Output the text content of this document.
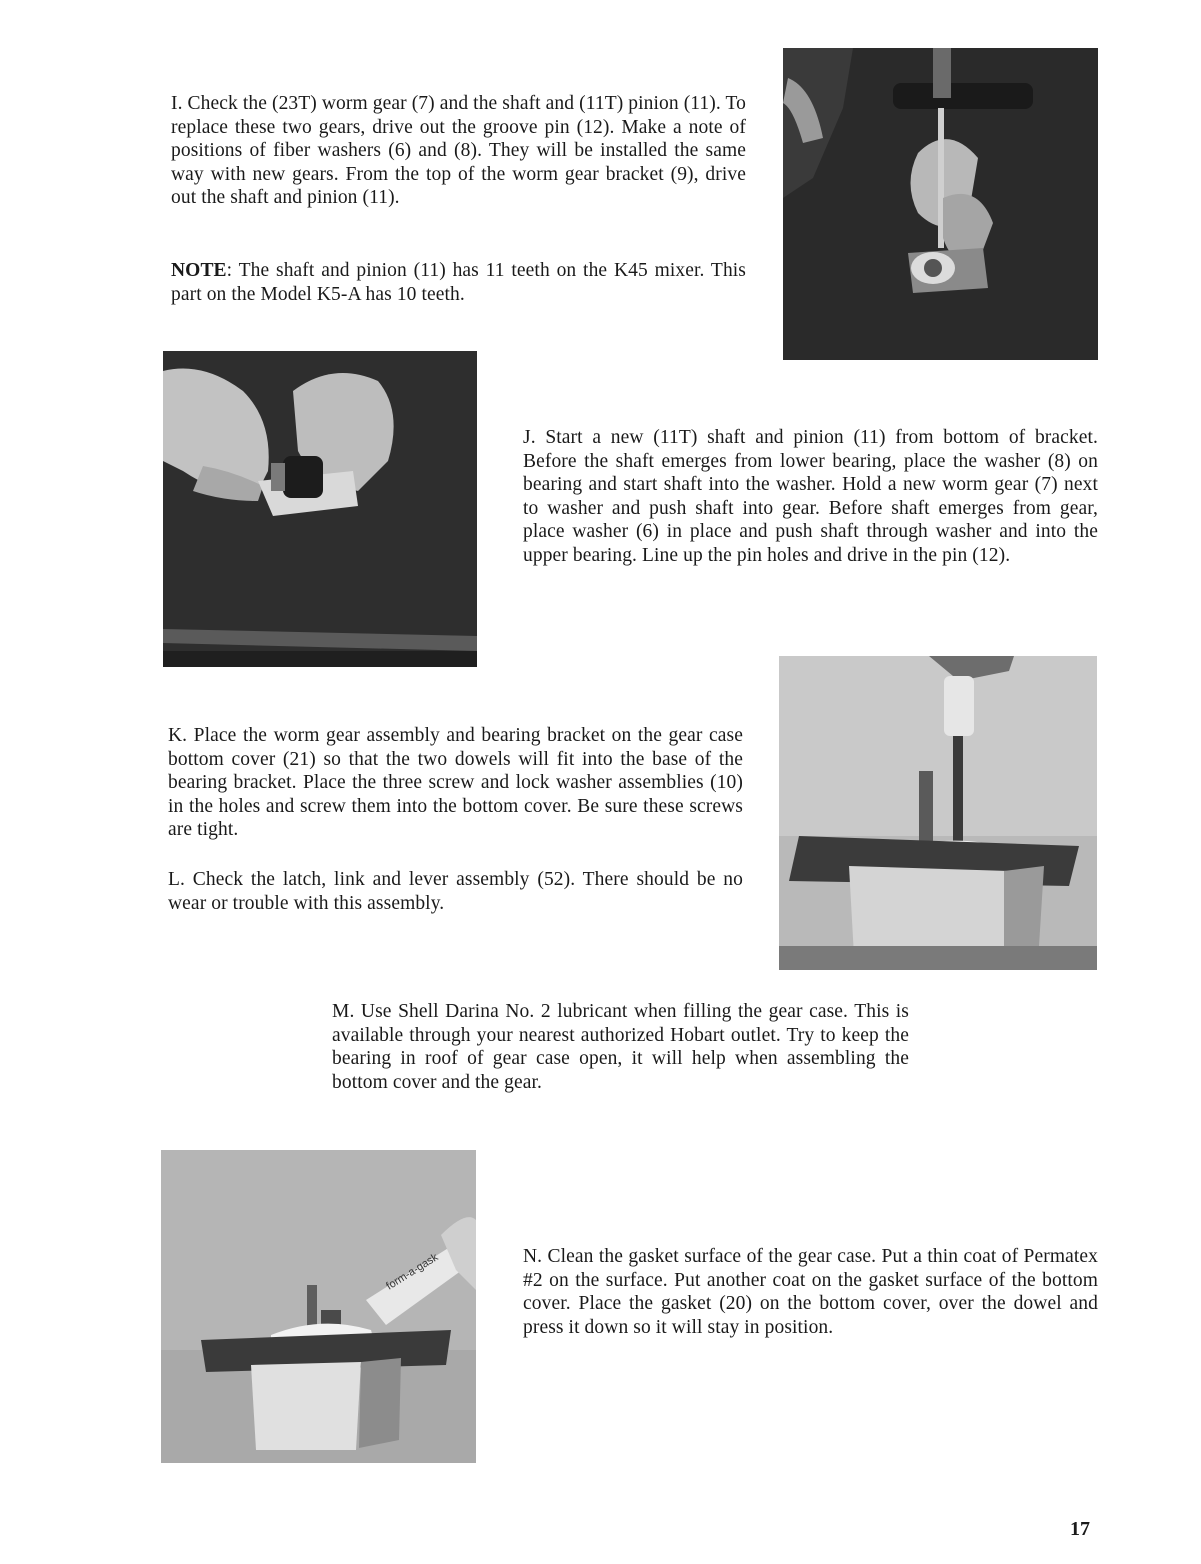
I. Check the (23T) worm gear (7) and the shaft and (11T) pinion (11). To replace these two gears, drive out the groove pin (12). Make a note of positions of fiber washers (6) and (8). They will be installed the same way with new gears. From the top of the worm gear bracket (9), drive out the shaft and pinion (11).

NOTE: The shaft and pinion (11) has 11 teeth on the K45 mixer. This part on the Model K5-A has 10 teeth.

J. Start a new (11T) shaft and pinion (11) from bottom of bracket. Before the shaft emerges from lower bearing, place the washer (8) on bearing and start shaft into the washer. Hold a new worm gear (7) next to washer and push shaft into gear. Before shaft emerges from gear, place washer (6) in place and push shaft through washer and into the upper bearing. Line up the pin holes and drive in the pin (12).

K. Place the worm gear assembly and bearing bracket on the gear case bottom cover (21) so that the two dowels will fit into the base of the bearing bracket. Place the three screw and lock washer assemblies (10) in the holes and screw them into the bottom cover. Be sure these screws are tight.

L. Check the latch, link and lever assembly (52). There should be no wear or trouble with this assembly.

M. Use Shell Darina No. 2 lubricant when filling the gear case. This is available through your nearest authorized Hobart outlet. Try to keep the bearing in roof of gear case open, it will help when assembling the bottom cover and the gear.

form-a-gask	N. Clean the gasket surface of the gear case. Put a thin coat of Permatex #2 on the surface. Put another coat on the gasket surface of the bottom cover. Place the gasket (20) on the bottom cover, over the dowel and press it down so it will stay in position.

17
